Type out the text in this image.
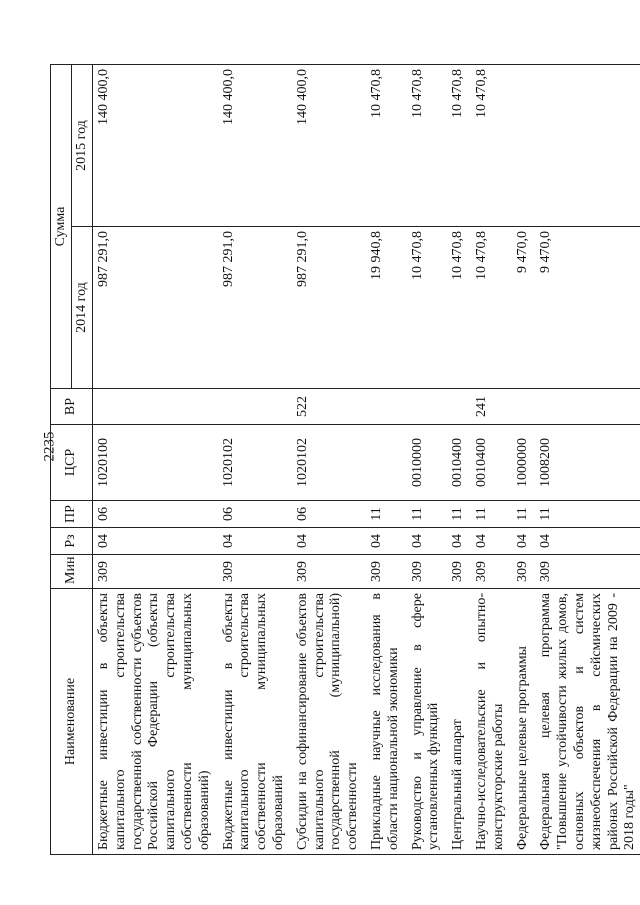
2235
Наименование	Мин	Рз	ПР	ЦСР	ВР	Сумма	
						2014 год	2015 год
Бюджетные инвестиции в объекты капитального строительства государственной собственности субъектов Российской Федерации (объекты капитального строительства собственности муниципальных образований)	309	04	06	1020100		987 291,0	140 400,0
Бюджетные инвестиции в объекты капитального строительства собственности муниципальных образований	309	04	06	1020102		987 291,0	140 400,0
Субсидии на софинансирование объектов капитального строительства государственной (муниципальной) собственности	309	04	06	1020102	522	987 291,0	140 400,0
Прикладные научные исследования в области национальной экономики	309	04	11			19 940,8	10 470,8
Руководство и управление в сфере установленных функций	309	04	11	0010000		10 470,8	10 470,8
Центральный аппарат	309	04	11	0010400		10 470,8	10 470,8
Научно-исследовательские и опытно-конструкторские работы	309	04	11	0010400	241	10 470,8	10 470,8
Федеральные целевые программы	309	04	11	1000000		9 470,0	
Федеральная целевая программа "Повышение устойчивости жилых домов, основных объектов и систем жизнеобеспечения в сейсмических районах Российской Федерации на 2009 - 2018 годы"	309	04	11	1008200		9 470,0	
